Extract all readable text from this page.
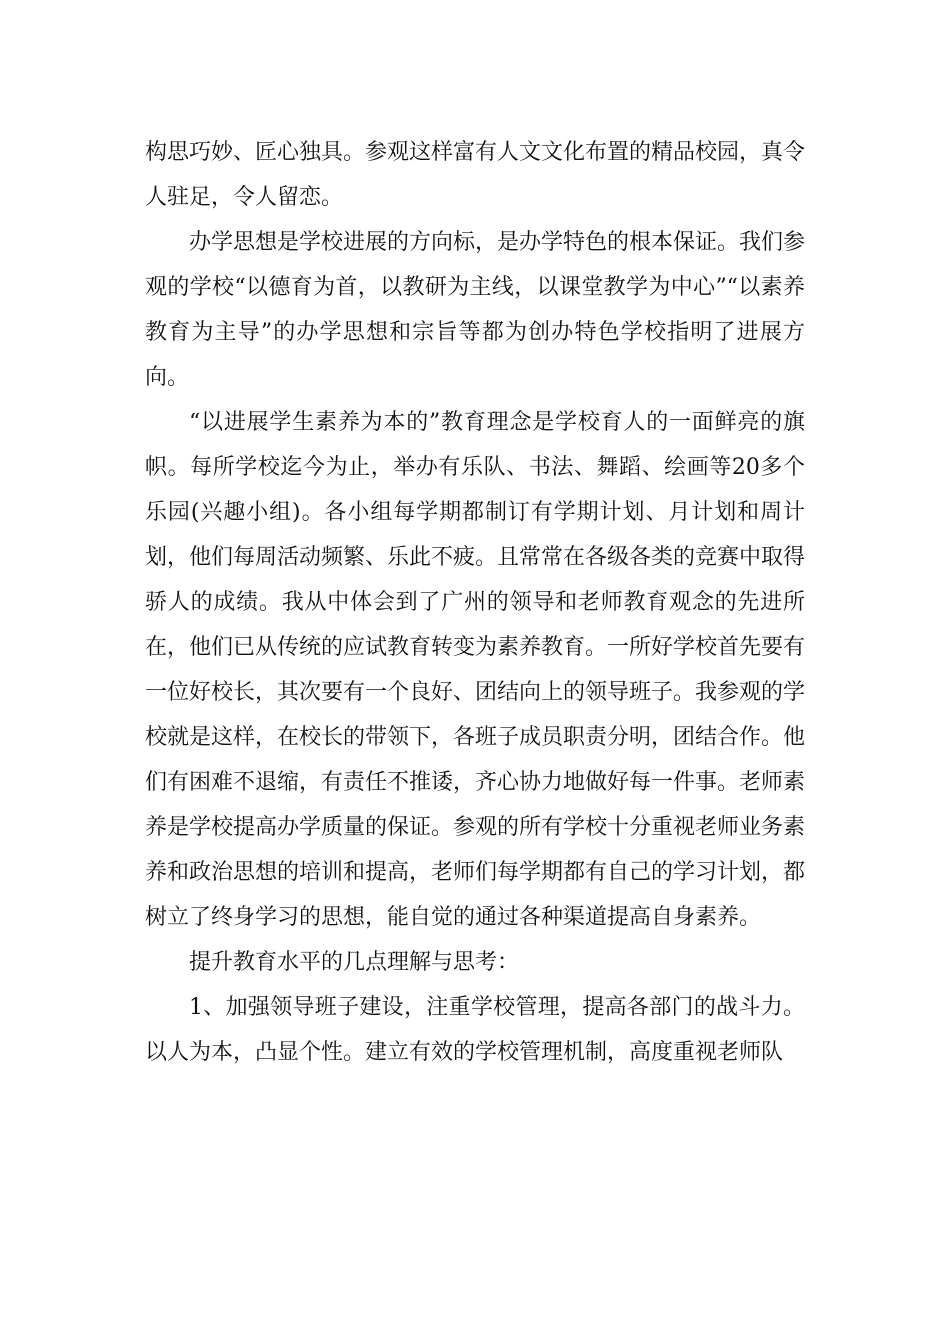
构思巧妙、匠心独具。参观这样富有人文文化布置的精品校园，真令人驻足，令人留恋。

办学思想是学校进展的方向标，是办学特色的根本保证。我们参观的学校“以德育为首，以教研为主线，以课堂教学为中心”“以素养教育为主导”的办学思想和宗旨等都为创办特色学校指明了进展方向。

“以进展学生素养为本的”教育理念是学校育人的一面鲜亮的旗帜。每所学校迄今为止，举办有乐队、书法、舞蹈、绘画等20多个乐园(兴趣小组)。各小组每学期都制订有学期计划、月计划和周计划，他们每周活动频繁、乐此不疲。且常常在各级各类的竞赛中取得骄人的成绩。我从中体会到了广州的领导和老师教育观念的先进所在，他们已从传统的应试教育转变为素养教育。一所好学校首先要有一位好校长，其次要有一个良好、团结向上的领导班子。我参观的学校就是这样，在校长的带领下，各班子成员职责分明，团结合作。他们有困难不退缩，有责任不推诿，齐心协力地做好每一件事。老师素养是学校提高办学质量的保证。参观的所有学校十分重视老师业务素养和政治思想的培训和提高，老师们每学期都有自己的学习计划，都树立了终身学习的思想，能自觉的通过各种渠道提高自身素养。

提升教育水平的几点理解与思考：

1、加强领导班子建设，注重学校管理，提高各部门的战斗力。以人为本，凸显个性。建立有效的学校管理机制，高度重视老师队
